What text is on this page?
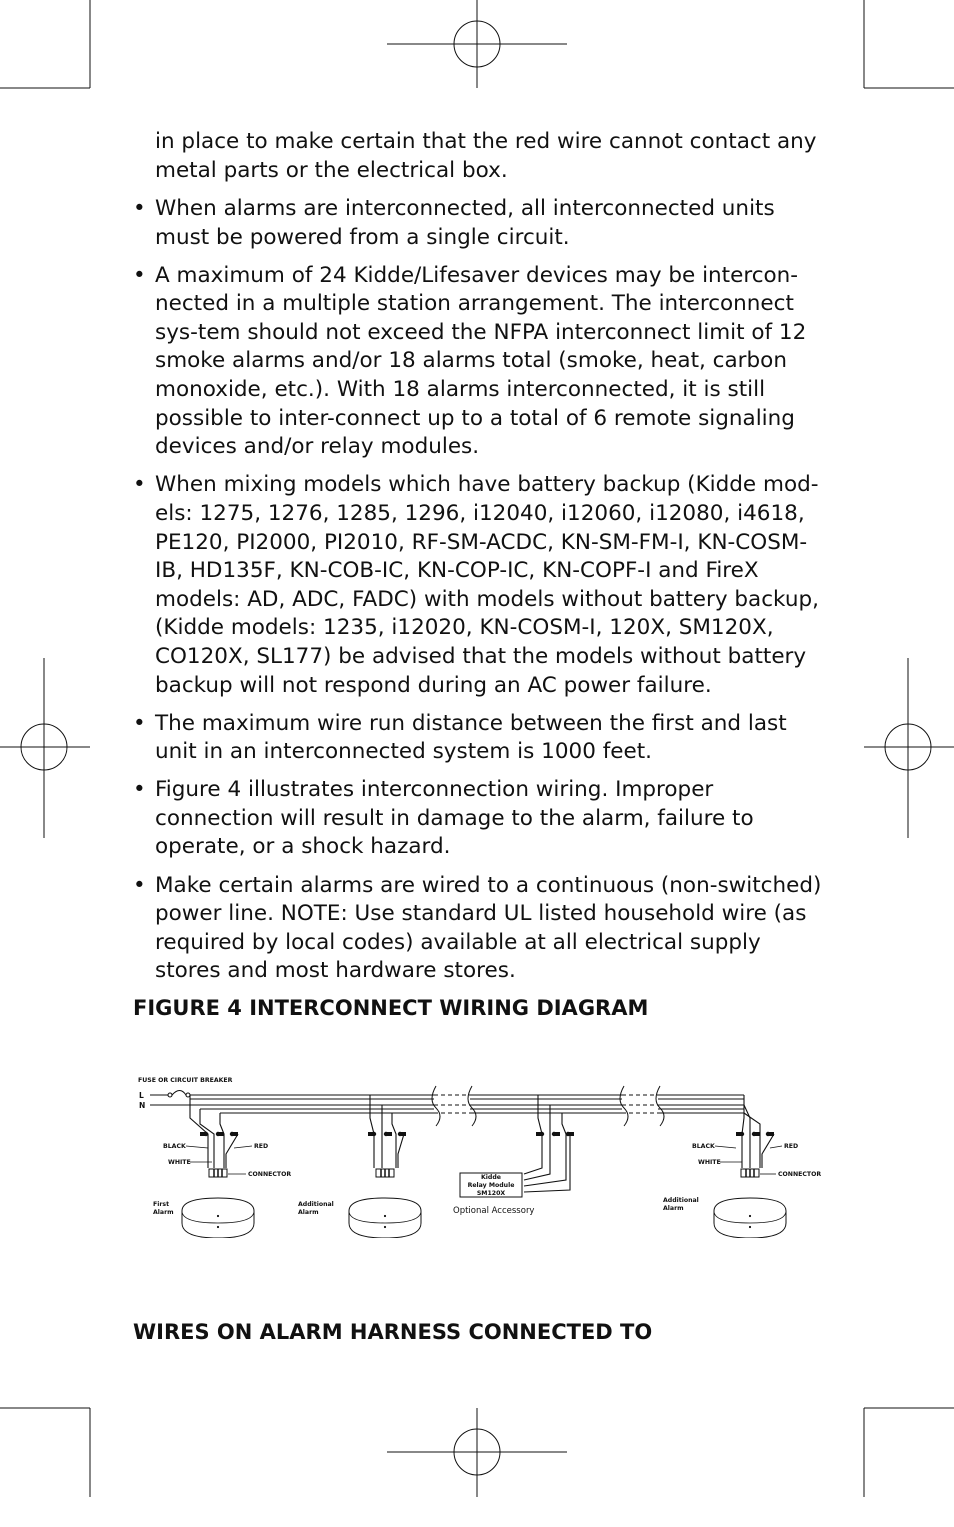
in place to make certain that the red wire cannot contact any metal parts or the electrical box.

• When alarms are interconnected, all interconnected units must be powered from a single circuit.
• A maximum of 24 Kidde/Lifesaver devices may be intercon-nected in a multiple station arrangement. The interconnect sys-tem should not exceed the NFPA interconnect limit of 12 smoke alarms and/or 18 alarms total (smoke, heat, carbon monoxide, etc.). With 18 alarms interconnected, it is still possible to inter-connect up to a total of 6 remote signaling devices and/or relay modules.
• When mixing models which have battery backup (Kidde mod-els: 1275, 1276, 1285, 1296, i12040, i12060, i12080, i4618, PE120, PI2000, PI2010, RF-SM-ACDC, KN-SM-FM-I, KN-COSM-IB, HD135F, KN-COB-IC, KN-COP-IC, KN-COPF-I and FireX models: AD, ADC, FADC) with models without battery backup, (Kidde models: 1235, i12020, KN-COSM-I, 120X, SM120X, CO120X, SL177) be advised that the models without battery backup will not respond during an AC power failure.
• The maximum wire run distance between the first and last unit in an interconnected system is 1000 feet.
• Figure 4 illustrates interconnection wiring. Improper connection will result in damage to the alarm, failure to operate, or a shock hazard.
• Make certain alarms are wired to a continuous (non-switched) power line. NOTE: Use standard UL listed household wire (as required by local codes) available at all electrical supply stores and most hardware stores.
FIGURE 4 INTERCONNECT WIRING DIAGRAM
FUSE OR CIRCUIT BREAKER
L
N
BLACK
WHITE
RED
CONNECTOR
First
Alarm
Additional
Alarm
Kidde
Relay Module
SM120X
Optional Accessory
BLACK
WHITE
RED
CONNECTOR
Additional
Alarm
WIRES ON ALARM HARNESS CONNECTED TO
